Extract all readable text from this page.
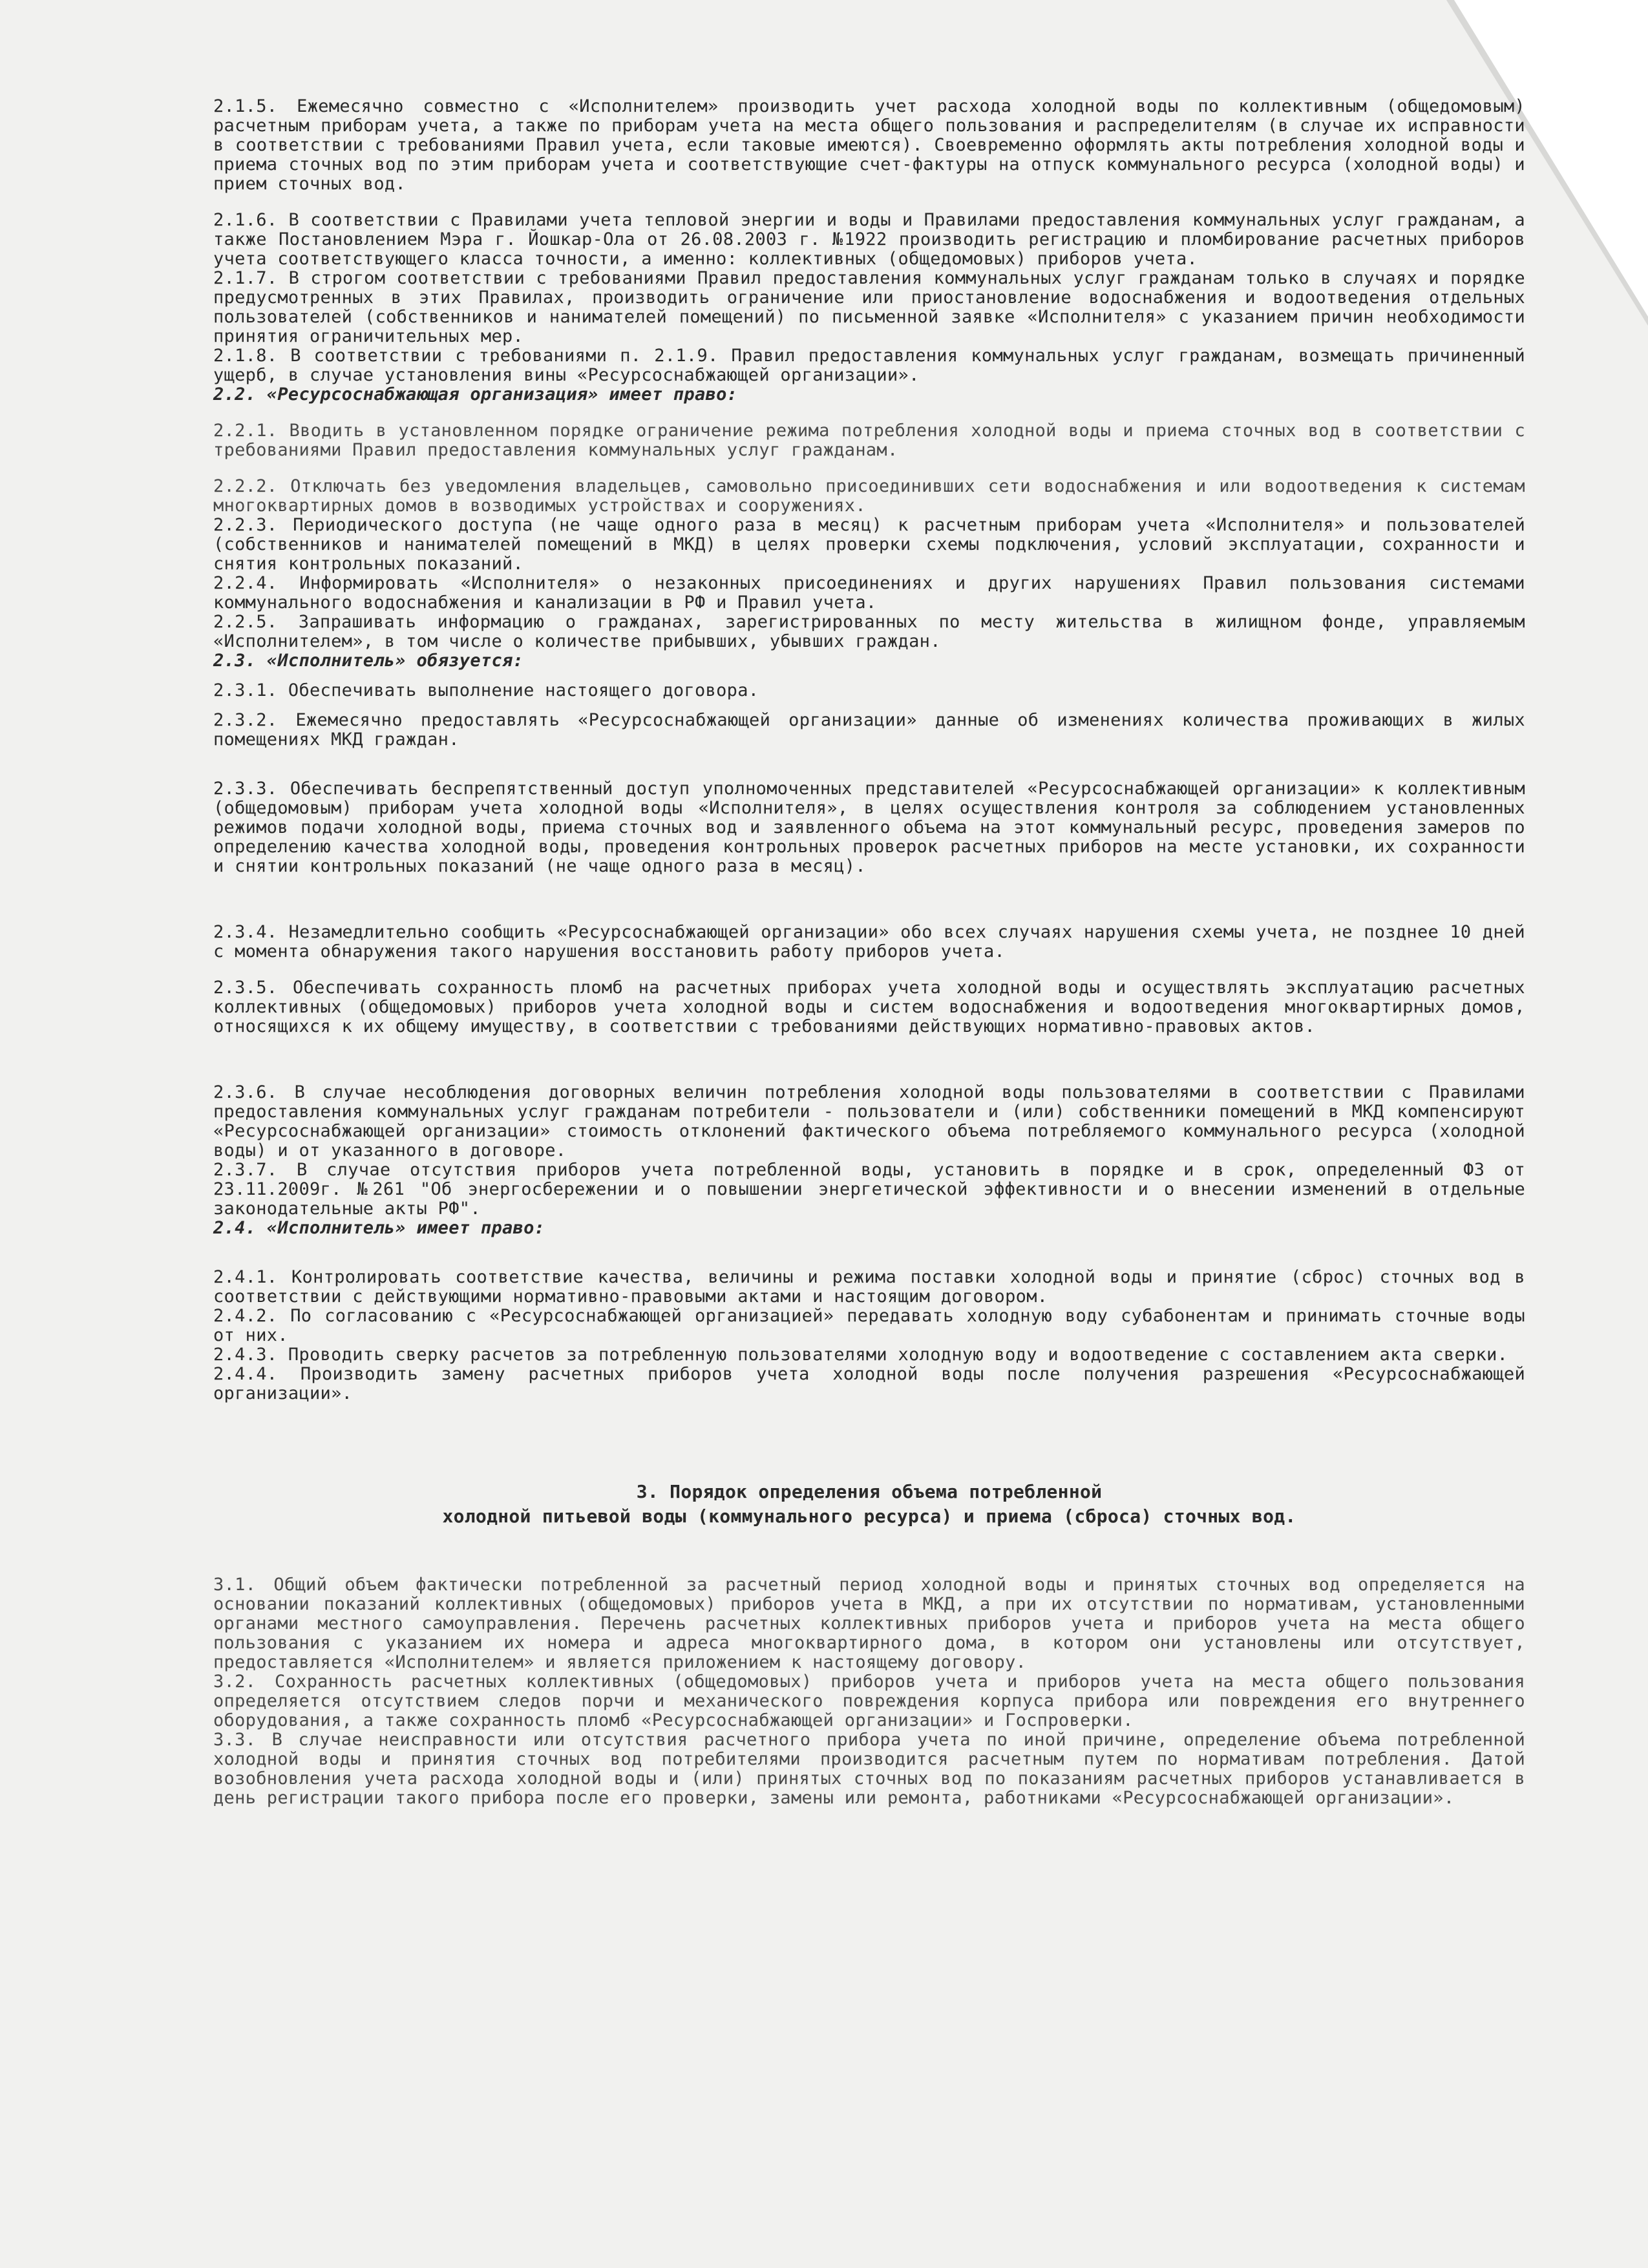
2.1.5. Ежемесячно совместно с «Исполнителем» производить учет расхода холодной воды по коллективным (общедомовым) расчетным приборам учета, а также по приборам учета на места общего пользования и распределителям (в случае их исправности в соответствии с требованиями Правил учета, если таковые имеются). Своевременно оформлять акты потребления холодной воды и приема сточных вод по этим приборам учета и соответствующие счет-фактуры на отпуск коммунального ресурса (холодной воды) и прием сточных вод.

2.1.6. В соответствии с Правилами учета тепловой энергии и воды и Правилами предоставления коммунальных услуг гражданам, а также Постановлением Мэра г. Йошкар-Ола от 26.08.2003 г. №1922 производить регистрацию и пломбирование расчетных приборов учета соответствующего класса точности, а именно: коллективных (общедомовых) приборов учета.

2.1.7. В строгом соответствии с требованиями Правил предоставления коммунальных услуг гражданам только в случаях и порядке предусмотренных в этих Правилах, производить ограничение или приостановление водоснабжения и водоотведения отдельных пользователей (собственников и нанимателей помещений) по письменной заявке «Исполнителя» с указанием причин необходимости принятия ограничительных мер.

2.1.8. В соответствии с требованиями п. 2.1.9. Правил предоставления коммунальных услуг гражданам, возмещать причиненный ущерб, в случае установления вины «Ресурсоснабжающей организации».

2.2. «Ресурсоснабжающая организация» имеет право:

2.2.1. Вводить в установленном порядке ограничение режима потребления холодной воды и приема сточных вод в соответствии с требованиями Правил предоставления коммунальных услуг гражданам.

2.2.2. Отключать без уведомления владельцев, самовольно присоединивших сети водоснабжения и или водоотведения к системам многоквартирных домов в возводимых устройствах и сооружениях.

2.2.3. Периодического доступа (не чаще одного раза в месяц) к расчетным приборам учета «Исполнителя» и пользователей (собственников и нанимателей помещений в МКД) в целях проверки схемы подключения, условий эксплуатации, сохранности и снятия контрольных показаний.

2.2.4. Информировать «Исполнителя» о незаконных присоединениях и других нарушениях Правил пользования системами коммунального водоснабжения и канализации в РФ и Правил учета.

2.2.5. Запрашивать информацию о гражданах, зарегистрированных по месту жительства в жилищном фонде, управляемым «Исполнителем», в том числе о количестве прибывших, убывших граждан.

2.3. «Исполнитель» обязуется:

2.3.1. Обеспечивать выполнение настоящего договора.

2.3.2. Ежемесячно предоставлять «Ресурсоснабжающей организации» данные об изменениях количества проживающих в жилых помещениях МКД граждан.

2.3.3. Обеспечивать беспрепятственный доступ уполномоченных представителей «Ресурсоснабжающей организации» к коллективным (общедомовым) приборам учета холодной воды «Исполнителя», в целях осуществления контроля за соблюдением установленных режимов подачи холодной воды, приема сточных вод и заявленного объема на этот коммунальный ресурс, проведения замеров по определению качества холодной воды, проведения контрольных проверок расчетных приборов на месте установки, их сохранности и снятии контрольных показаний (не чаще одного раза в месяц).

2.3.4. Незамедлительно сообщить «Ресурсоснабжающей организации» обо всех случаях нарушения схемы учета, не позднее 10 дней с момента обнаружения такого нарушения восстановить работу приборов учета.

2.3.5. Обеспечивать сохранность пломб на расчетных приборах учета холодной воды и осуществлять эксплуатацию расчетных коллективных (общедомовых) приборов учета холодной воды и систем водоснабжения и водоотведения многоквартирных домов, относящихся к их общему имуществу, в соответствии с требованиями действующих нормативно-правовых актов.

2.3.6. В случае несоблюдения договорных величин потребления холодной воды пользователями в соответствии с Правилами предоставления коммунальных услуг гражданам потребители - пользователи и (или) собственники помещений в МКД компенсируют «Ресурсоснабжающей организации» стоимость отклонений фактического объема потребляемого коммунального ресурса (холодной воды) и от указанного в договоре.

2.3.7. В случае отсутствия приборов учета потребленной воды, установить в порядке и в срок, определенный ФЗ от 23.11.2009г. №261 "Об энергосбережении и о повышении энергетической эффективности и о внесении изменений в отдельные законодательные акты РФ".

2.4. «Исполнитель» имеет право:

2.4.1. Контролировать соответствие качества, величины и режима поставки холодной воды и принятие (сброс) сточных вод в соответствии с действующими нормативно-правовыми актами и настоящим договором.

2.4.2. По согласованию с «Ресурсоснабжающей организацией» передавать холодную воду субабонентам и принимать сточные воды от них.

2.4.3. Проводить сверку расчетов за потребленную пользователями холодную воду и водоотведение с составлением акта сверки.

2.4.4. Производить замену расчетных приборов учета холодной воды после получения разрешения «Ресурсоснабжающей организации».

3. Порядок определения объема потребленной

холодной питьевой воды (коммунального ресурса) и приема (сброса) сточных вод.

3.1. Общий объем фактически потребленной за расчетный период холодной воды и принятых сточных вод определяется на основании показаний коллективных (общедомовых) приборов учета в МКД, а при их отсутствии по нормативам, установленными органами местного самоуправления. Перечень расчетных коллективных приборов учета и приборов учета на места общего пользования с указанием их номера и адреса многоквартирного дома, в котором они установлены или отсутствует, предоставляется «Исполнителем» и является приложением к настоящему договору.

3.2. Сохранность расчетных коллективных (общедомовых) приборов учета и приборов учета на места общего пользования определяется отсутствием следов порчи и механического повреждения корпуса прибора или повреждения его внутреннего оборудования, а также сохранность пломб «Ресурсоснабжающей организации» и Госпроверки.

3.3. В случае неисправности или отсутствия расчетного прибора учета по иной причине, определение объема потребленной холодной воды и принятия сточных вод потребителями производится расчетным путем по нормативам потребления. Датой возобновления учета расхода холодной воды и (или) принятых сточных вод по показаниям расчетных приборов устанавливается в день регистрации такого прибора после его проверки, замены или ремонта, работниками «Ресурсоснабжающей организации».
